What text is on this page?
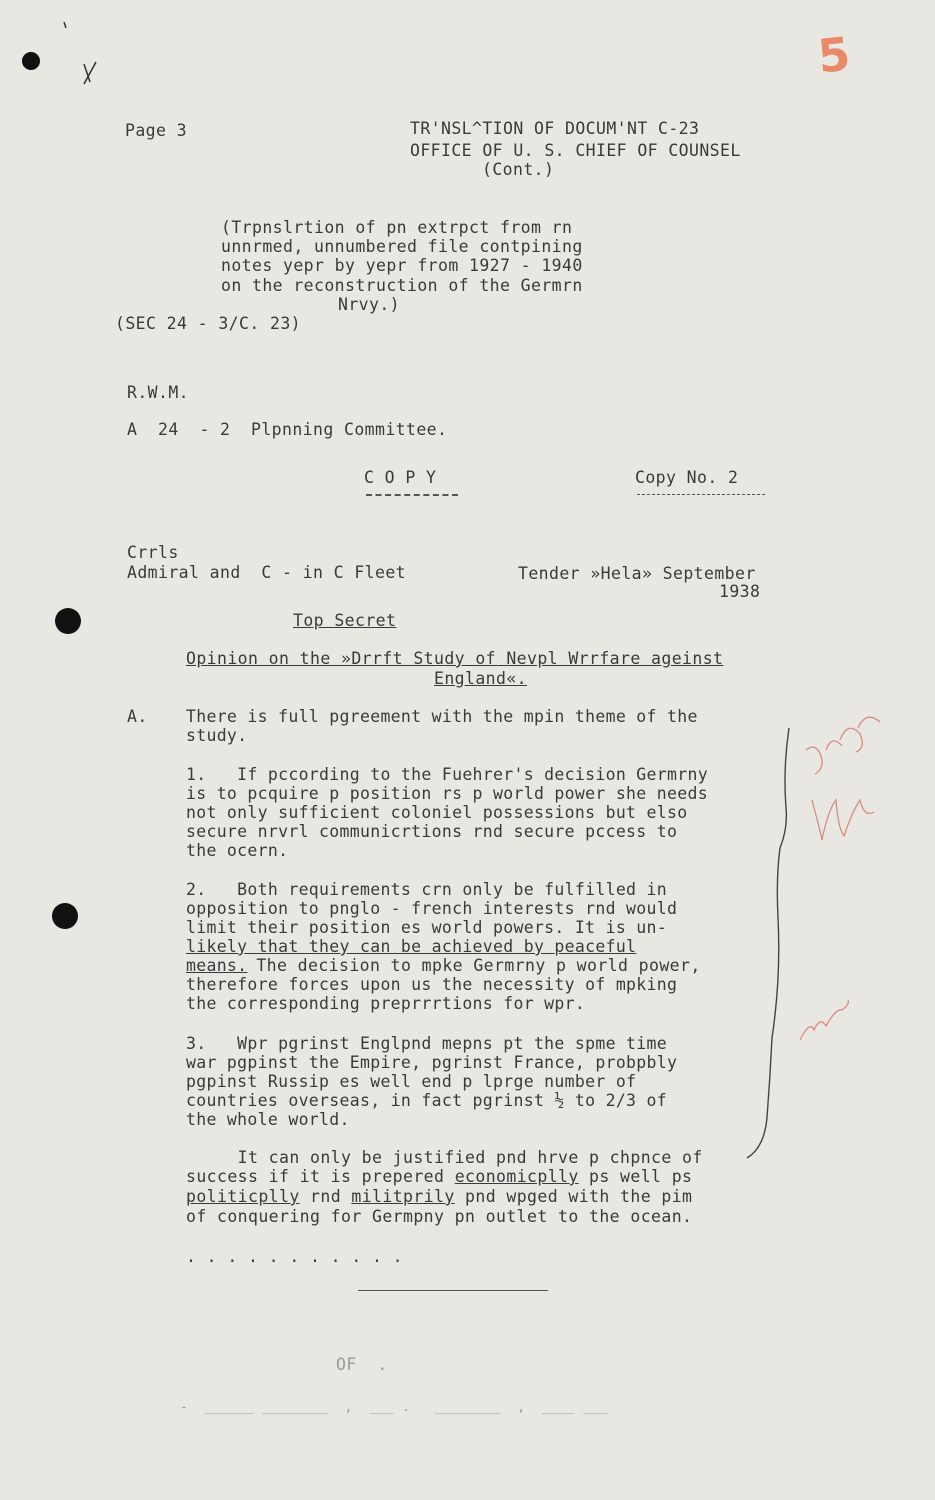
5
Page 3	TR'NSL^TION OF DOCUM'NT C-23
OFFICE OF U. S. CHIEF OF COUNSEL
(Cont.)
(Trpnslrtion of pn extrpct from rn
unnrmed, unnumbered file contpining
notes yepr by yepr from 1927 - 1940
on the reconstruction of the Germrn
Nrvy.)
(SEC 24 - 3/C. 23)
R.W.M.
A  24  - 2  Plpnning Committee.
C O P Y	Copy No. 2
Crrls
Admiral and  C - in C Fleet	Tender »Hela» September
1938
Top Secret
Opinion on the »Drrft Study of Nevpl Wrrfare ageinst
England«.
A. There is full pgreement with the mpin theme of the
study.
1.   If pccording to the Fuehrer's decision Germrny
is to pcquire p position rs p world power she needs
not only sufficient coloniel possessions but elso
secure nrvrl communicrtions rnd secure pccess to
the ocern.
2.   Both requirements crn only be fulfilled in
opposition to pnglo - french interests rnd would
limit their position es world powers. It is un-
likely that they can be achieved by peaceful
means.
The decision to mpke Germrny p world power,
therefore forces upon us the necessity of mpking
the corresponding preprrrtions for wpr.
3.   Wpr pgrinst Englpnd mepns pt the spme time
war pgpinst the Empire, pgrinst France, probpbly
pgpinst Russip es well end p lprge number of
countries overseas, in fact pgrinst ½ to 2/3 of
the whole world.
It can only be justified pnd hrve p chpnce of
success if it is prepered economicplly ps well ps
politicplly rnd militprily pnd wpged with the pim
of conquering for Germpny pn outlet to the ocean.
. . . . . . . . . . .
OF  .
-  ______ ________  ,  ___ .   ________  ,  ____ ___
